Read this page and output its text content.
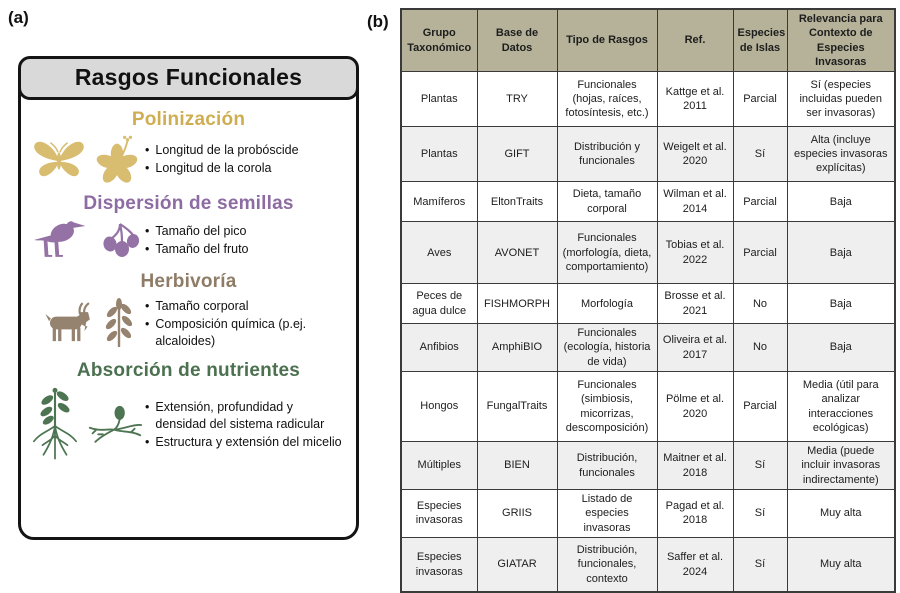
(a)	(b)
Rasgos Funcionales
Polinización
• Longitud de la probóscide
• Longitud de la corola
Dispersión de semillas
• Tamaño del pico
• Tamaño del fruto
Herbivoría
• Tamaño corporal
• Composición química (p.ej. alcaloides)
Absorción de nutrientes
• Extensión, profundidad y densidad del sistema radicular
• Estructura y extensión del micelio
Grupo Taxonómico	Base de Datos	Tipo de Rasgos	Ref.	Especies de Islas	Relevancia para Contexto de Especies Invasoras
Plantas	TRY	Funcionales (hojas, raíces, fotosíntesis, etc.)	Kattge et al. 2011	Parcial	Sí (especies incluidas pueden ser invasoras)
Plantas	GIFT	Distribución y funcionales	Weigelt et al. 2020	Sí	Alta (incluye especies invasoras explícitas)
Mamíferos	EltonTraits	Dieta, tamaño corporal	Wilman et al. 2014	Parcial	Baja
Aves	AVONET	Funcionales (morfología, dieta, comportamiento)	Tobias et al. 2022	Parcial	Baja
Peces de agua dulce	FISHMORPH	Morfología	Brosse et al. 2021	No	Baja
Anfibios	AmphiBIO	Funcionales (ecología, historia de vida)	Oliveira et al. 2017	No	Baja
Hongos	FungalTraits	Funcionales (simbiosis, micorrizas, descomposición)	Pölme et al. 2020	Parcial	Media (útil para analizar interacciones ecológicas)
Múltiples	BIEN	Distribución, funcionales	Maitner et al. 2018	Sí	Media (puede incluir invasoras indirectamente)
Especies invasoras	GRIIS	Listado de especies invasoras	Pagad et al. 2018	Sí	Muy alta
Especies invasoras	GIATAR	Distribución, funcionales, contexto	Saffer et al. 2024	Sí	Muy alta
